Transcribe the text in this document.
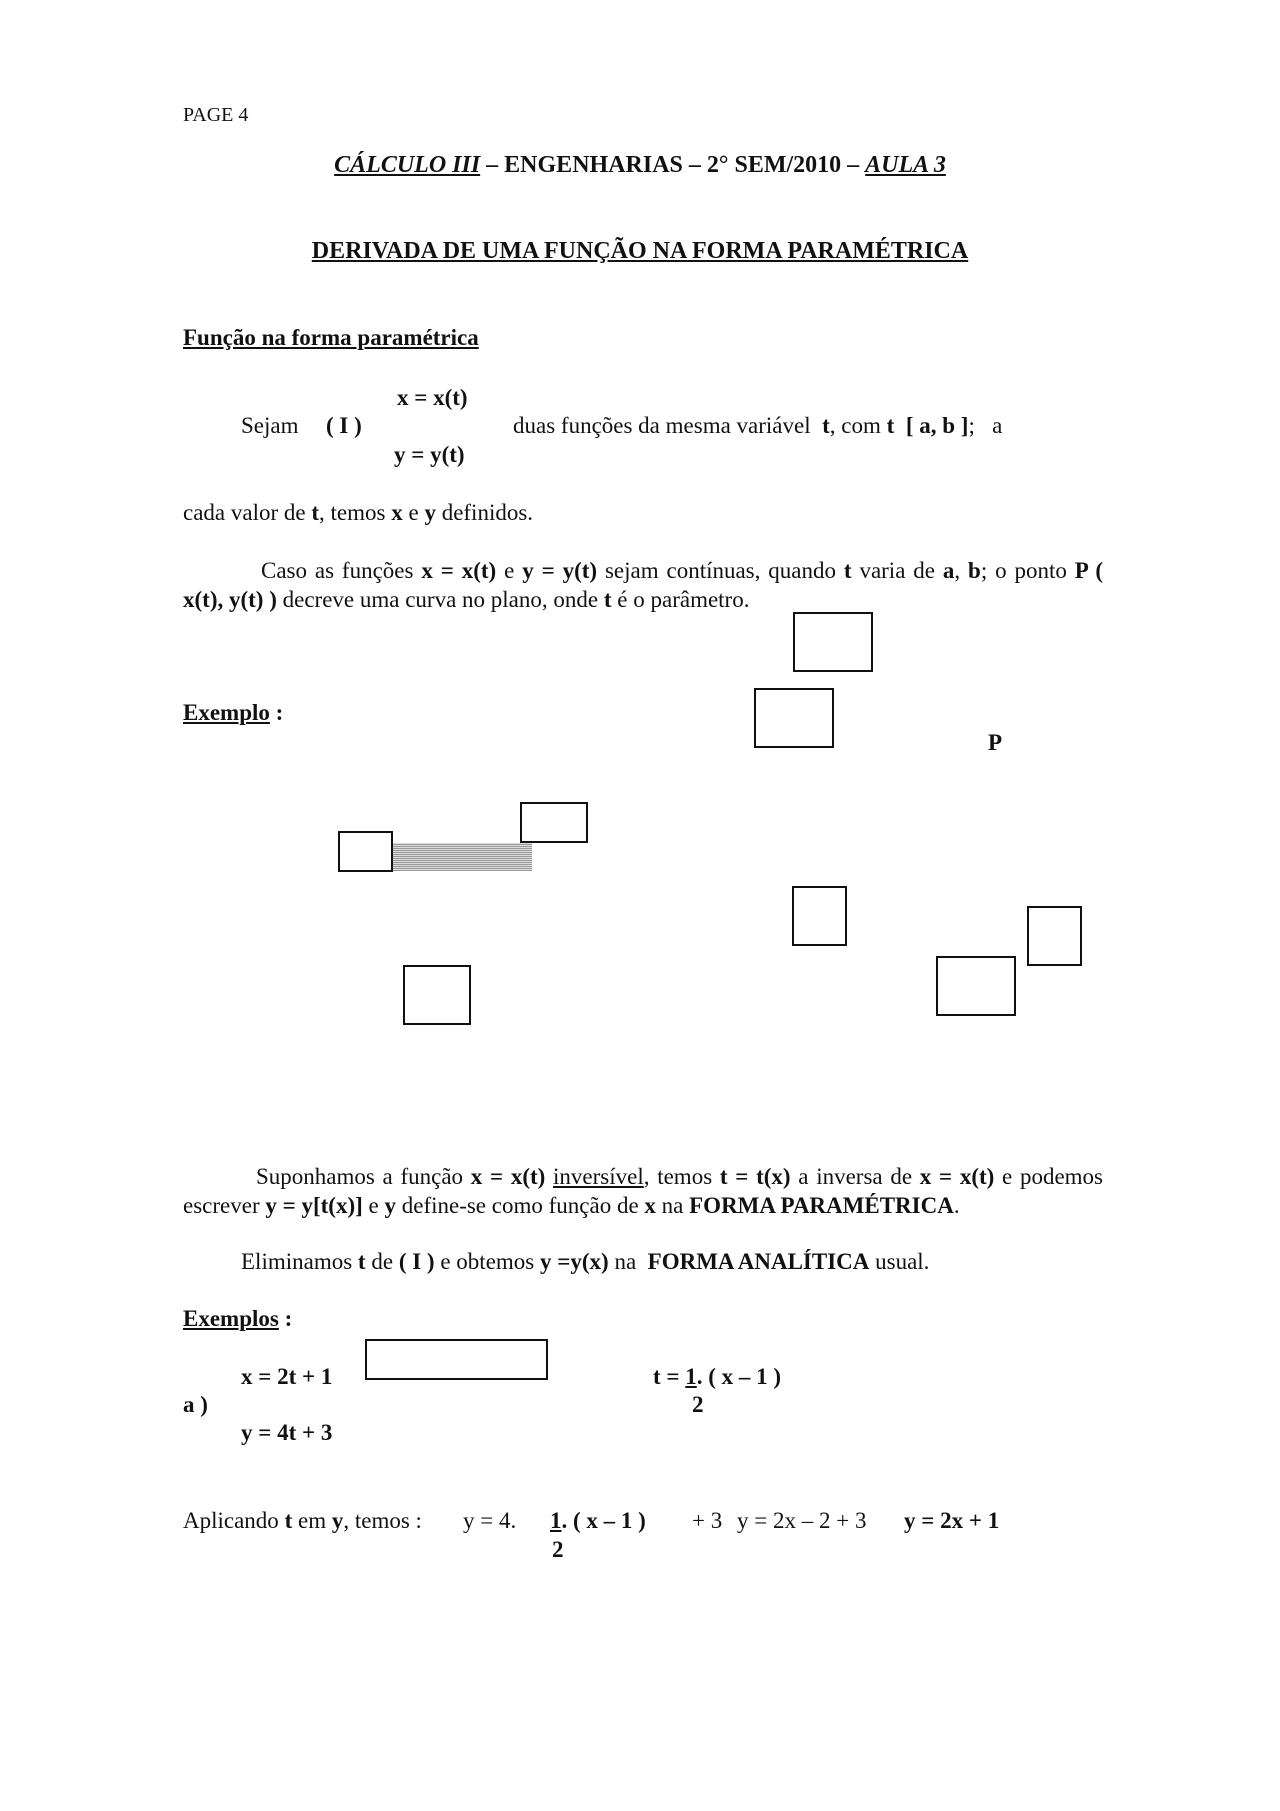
PAGE 4
CÁLCULO III – ENGENHARIAS – 2° SEM/2010 – AULA 3
DERIVADA DE UMA FUNÇÃO NA FORMA PARAMÉTRICA
Função na forma paramétrica
x = x(t)
Sejam ( I )	duas funções da mesma variável t, com t [ a, b ]; a
y = y(t)
cada valor de t, temos x e y definidos.
Caso as funções x = x(t) e y = y(t) sejam contínuas, quando t varia de a, b; o ponto P ( x(t), y(t) ) decreve uma curva no plano, onde t é o parâmetro.
Exemplo :
P
Suponhamos a função x = x(t) inversível, temos t = t(x) a inversa de x = x(t) e podemos escrever y = y[t(x)] e y define-se como função de x na FORMA PARAMÉTRICA.
Eliminamos t de ( I ) e obtemos y =y(x) na FORMA ANALÍTICA usual.
Exemplos :
x = 2t + 1
a )
y = 4t + 3
t = 1. ( x – 1 )
2
Aplicando t em y, temos : y = 4. 1. ( x – 1 ) + 3 y = 2x – 2 + 3 y = 2x + 1
2
